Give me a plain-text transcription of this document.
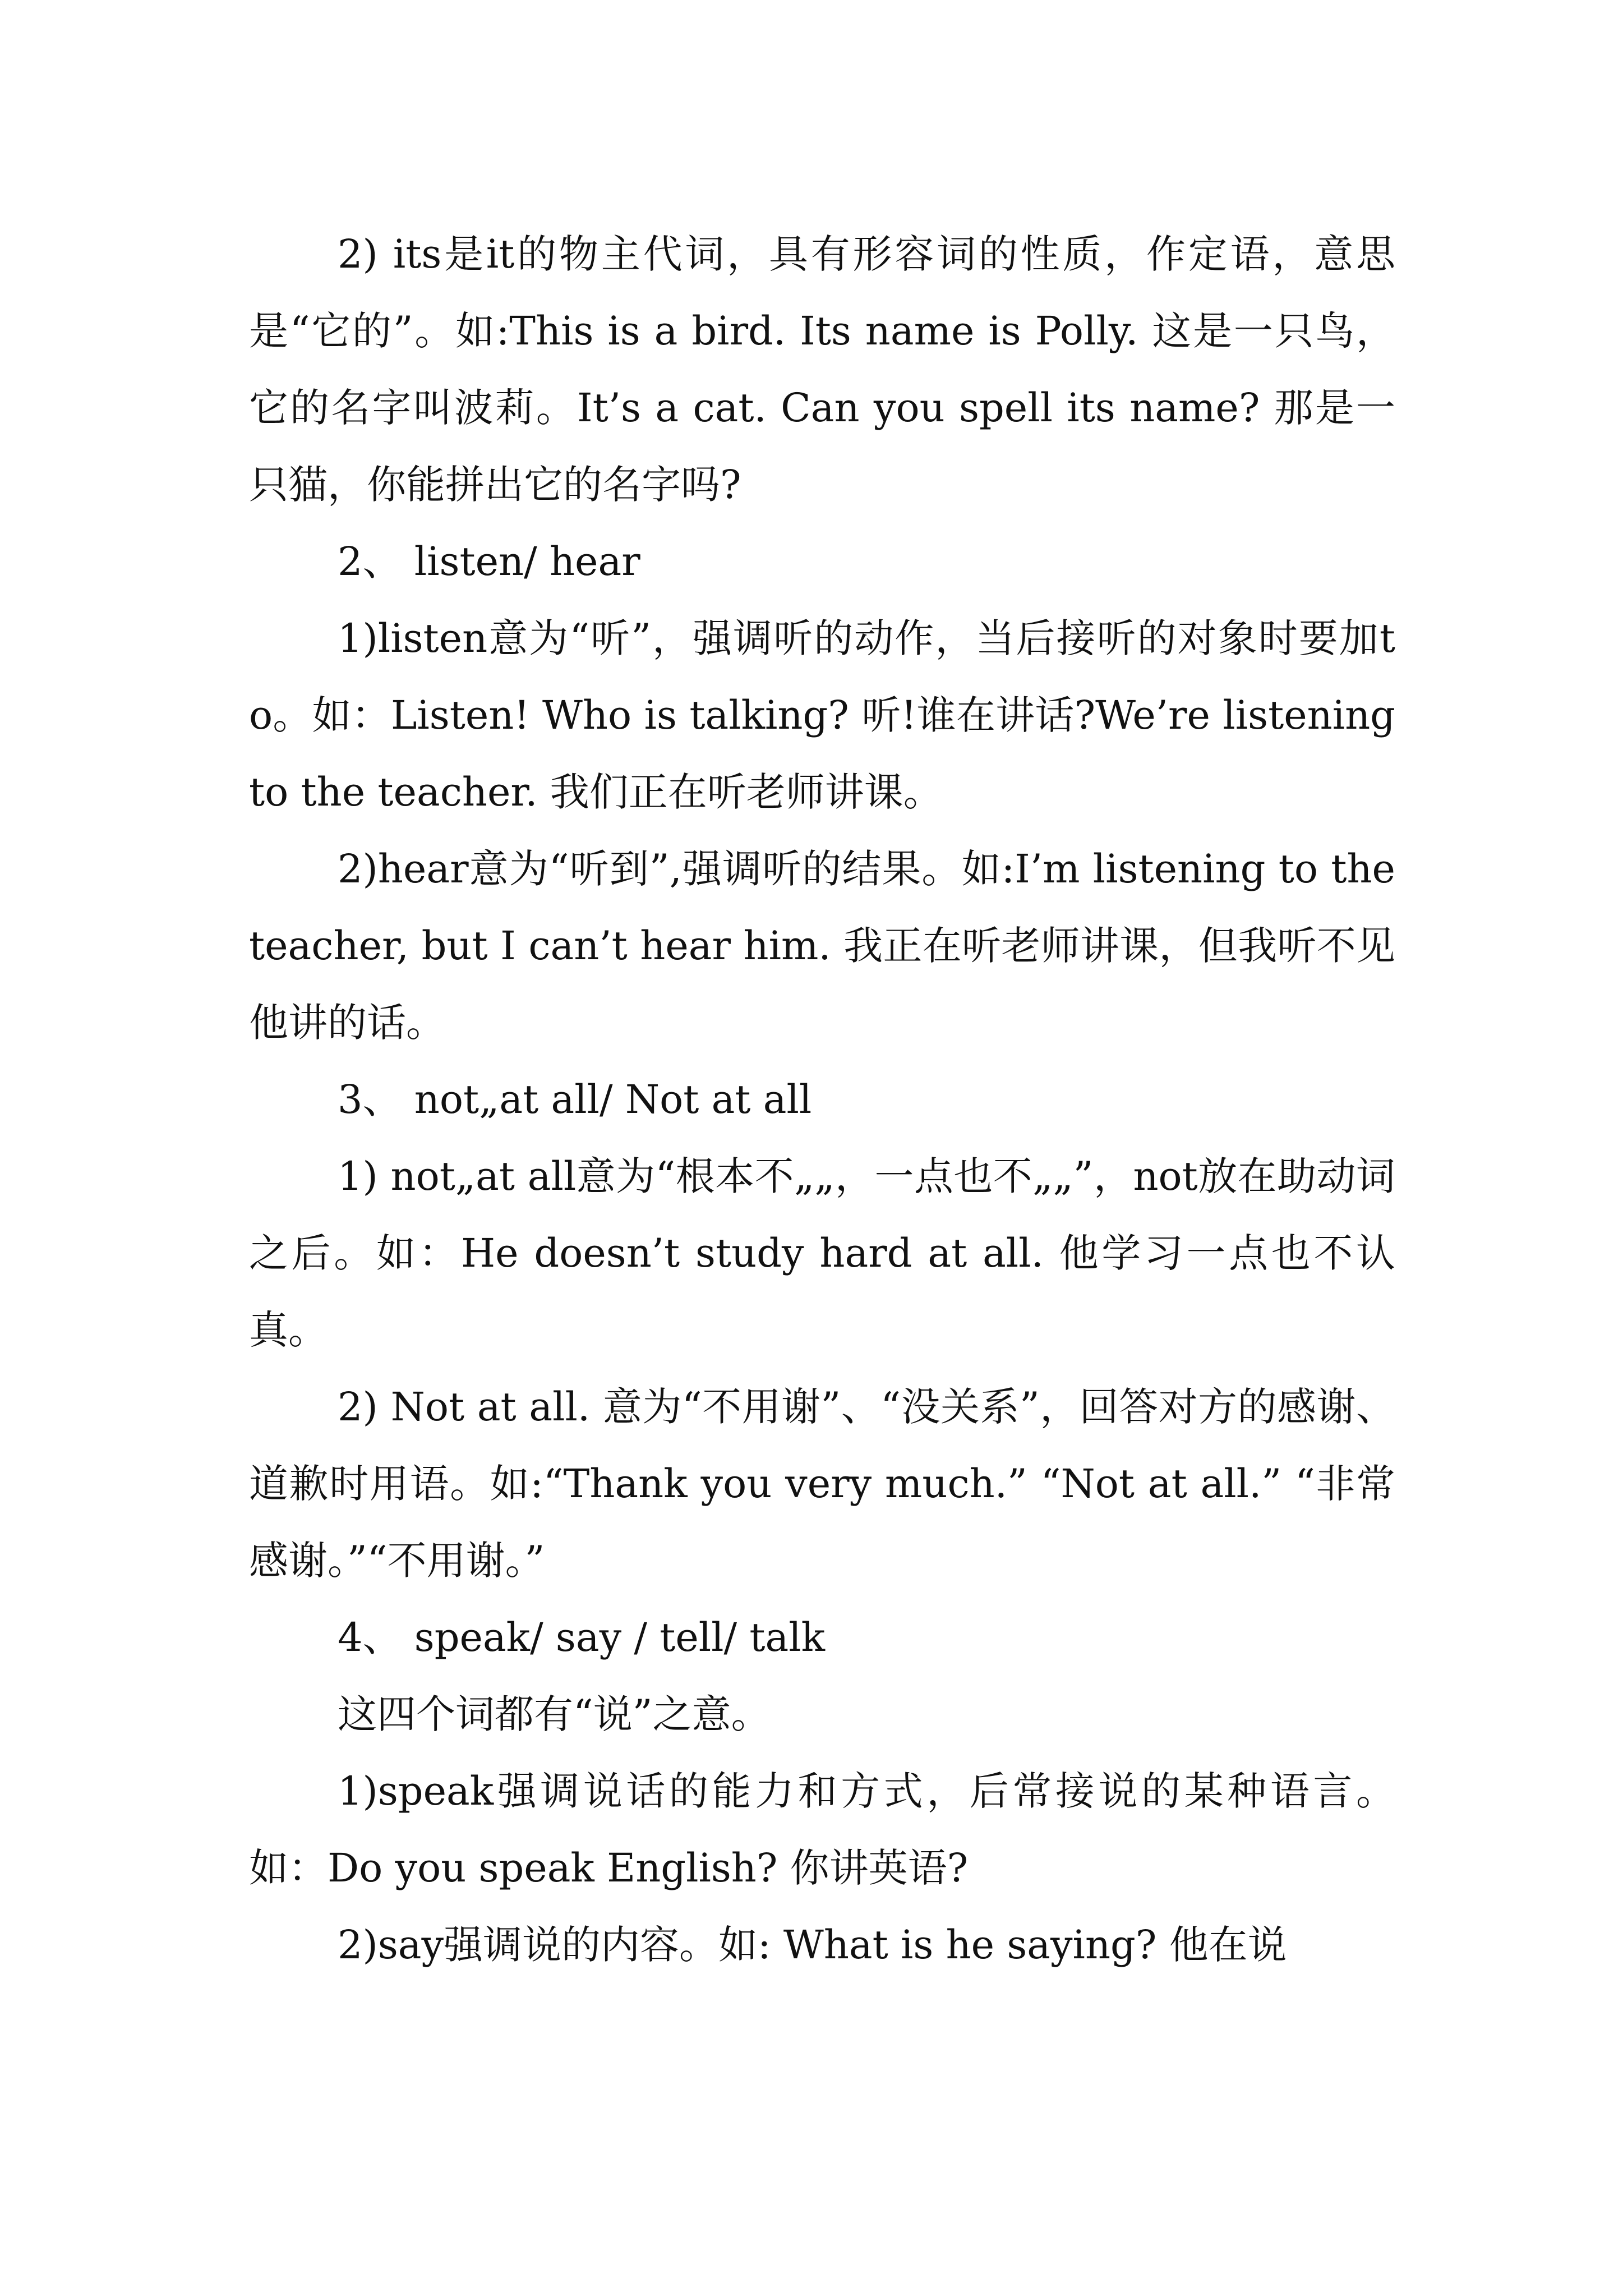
2) its是it的物主代词，具有形容词的性质，作定语，意思是“它的”。如:This is a bird. Its name is Polly. 这是一只鸟，它的名字叫波莉。It’s a cat. Can you spell its name? 那是一只猫，你能拼出它的名字吗?

2、 listen/ hear

1)listen意为“听”，强调听的动作，当后接听的对象时要加to。如：Listen! Who is talking? 听!谁在讲话?We’re listening to the teacher. 我们正在听老师讲课。

2)hear意为“听到”,强调听的结果。如:I’m listening to the teacher, but I can’t hear him. 我正在听老师讲课，但我听不见他讲的话。

3、 not„at all/ Not at all

1) not„at all意为“根本不„„，一点也不„„”，not放在助动词之后。如：He doesn’t study hard at all. 他学习一点也不认真。

2) Not at all. 意为“不用谢”、“没关系”，回答对方的感谢、道歉时用语。如:“Thank you very much.” “Not at all.” “非常感谢。”“不用谢。”

4、 speak/ say / tell/ talk

这四个词都有“说”之意。

1)speak强调说话的能力和方式，后常接说的某种语言。如：Do you speak English? 你讲英语?

2)say强调说的内容。如: What is he saying? 他在说
